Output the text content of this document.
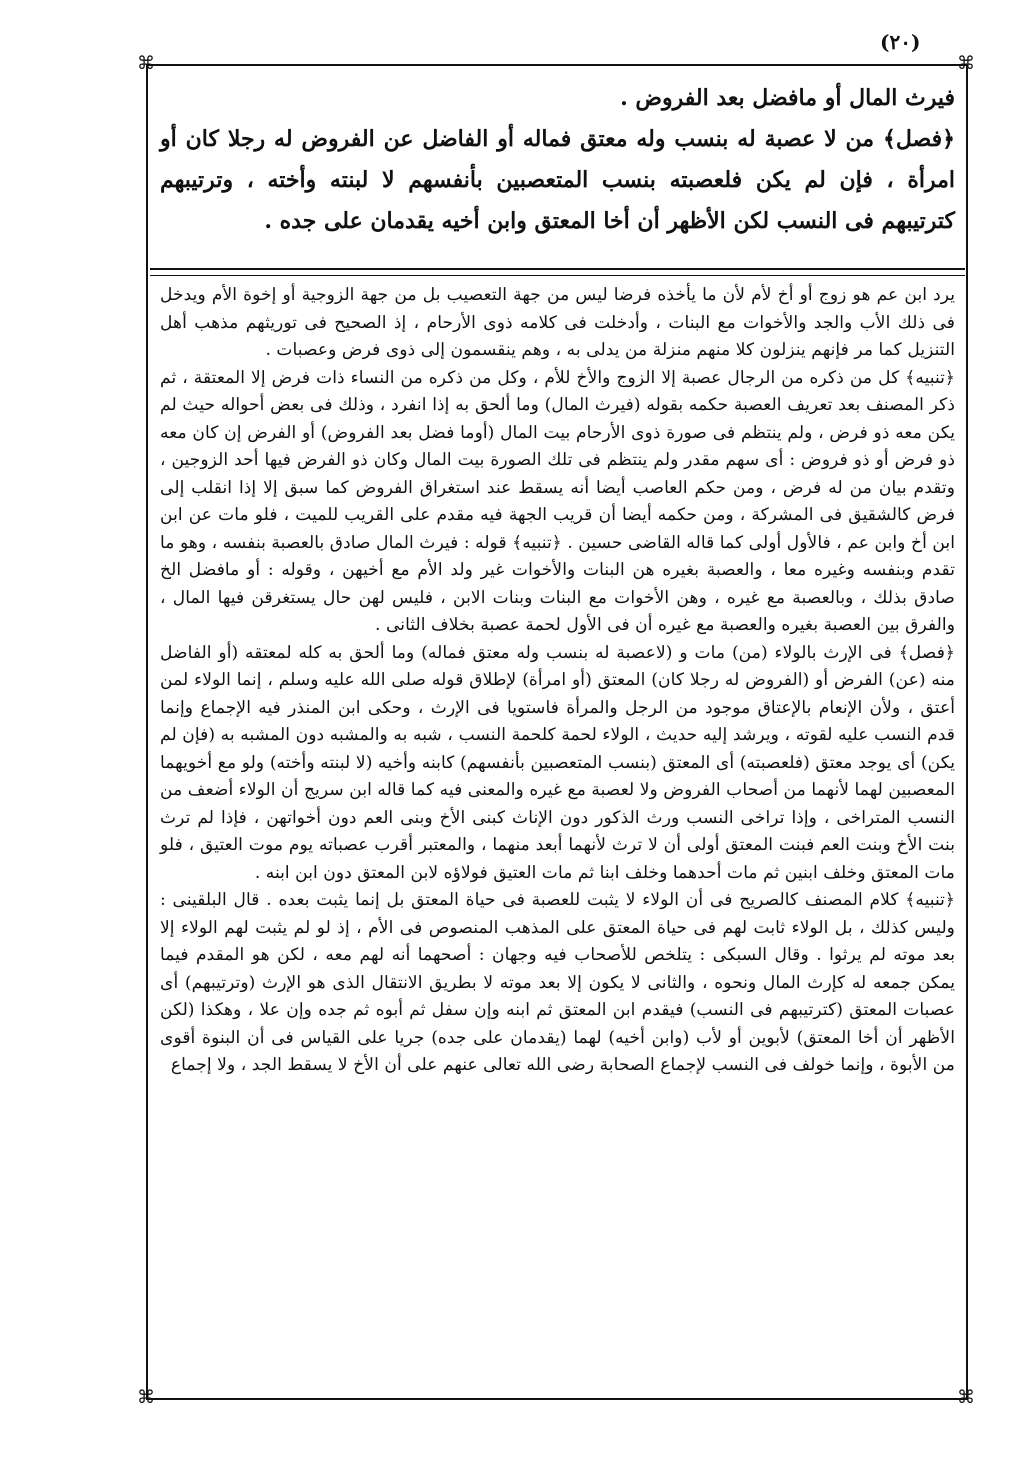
⌘	⌘
⌘	⌘
(٢٠)

فيرث المال أو مافضل بعد الفروض .

﴿فصل﴾ من لا عصبة له بنسب وله معتق فماله أو الفاضل عن الفروض له رجلا كان أو امرأة ، فإن لم يكن فلعصبته بنسب المتعصبين بأنفسهم لا لبنته وأخته ، وترتيبهم كترتيبهم فى النسب لكن الأظهر أن أخا المعتق وابن أخيه يقدمان على جده .

يرد ابن عم هو زوج أو أخ لأم لأن ما يأخذه فرضا ليس من جهة التعصيب بل من جهة الزوجية أو إخوة الأم ويدخل فى ذلك الأب والجد والأخوات مع البنات ، وأدخلت فى كلامه ذوى الأرحام ، إذ الصحيح فى توريثهم مذهب أهل التنزيل كما مر فإنهم ينزلون كلا منهم منزلة من يدلى به ، وهم ينقسمون إلى ذوى فرض وعصبات .

﴿تنبيه﴾ كل من ذكره من الرجال عصبة إلا الزوج والأخ للأم ، وكل من ذكره من النساء ذات فرض إلا المعتقة ، ثم ذكر المصنف بعد تعريف العصبة حكمه بقوله (فيرث المال) وما ألحق به إذا انفرد ، وذلك فى بعض أحواله حيث لم يكن معه ذو فرض ، ولم ينتظم فى صورة ذوى الأرحام بيت المال (أوما فضل بعد الفروض) أو الفرض إن كان معه ذو فرض أو ذو فروض : أى سهم مقدر ولم ينتظم فى تلك الصورة بيت المال وكان ذو الفرض فيها أحد الزوجين ، وتقدم بيان من له فرض ، ومن حكم العاصب أيضا أنه يسقط عند استغراق الفروض كما سبق إلا إذا انقلب إلى فرض كالشقيق فى المشركة ، ومن حكمه أيضا أن قريب الجهة فيه مقدم على القريب للميت ، فلو مات عن ابن ابن أخ وابن عم ، فالأول أولى كما قاله القاضى حسين . ﴿تنبيه﴾ قوله : فيرث المال صادق بالعصبة بنفسه ، وهو ما تقدم وبنفسه وغيره معا ، والعصبة بغيره هن البنات والأخوات غير ولد الأم مع أخيهن ، وقوله : أو مافضل الخ صادق بذلك ، وبالعصبة مع غيره ، وهن الأخوات مع البنات وبنات الابن ، فليس لهن حال يستغرقن فيها المال ، والفرق بين العصبة بغيره والعصبة مع غيره أن فى الأول لحمة عصبة بخلاف الثانى .

﴿فصل﴾ فى الإرث بالولاء (من) مات و (لاعصبة له بنسب وله معتق فماله) وما ألحق به كله لمعتقه (أو الفاضل منه (عن) الفرض أو (الفروض له رجلا كان) المعتق (أو امرأة) لإطلاق قوله صلى الله عليه وسلم ، إنما الولاء لمن أعتق ، ولأن الإنعام بالإعتاق موجود من الرجل والمرأة فاستويا فى الإرث ، وحكى ابن المنذر فيه الإجماع وإنما قدم النسب عليه لقوته ، ويرشد إليه حديث ، الولاء لحمة كلحمة النسب ، شبه به والمشبه دون المشبه به (فإن لم يكن) أى يوجد معتق (فلعصبته) أى المعتق (بنسب المتعصبين بأنفسهم) كابنه وأخيه (لا لبنته وأخته) ولو مع أخويهما المعصبين لهما لأنهما من أصحاب الفروض ولا لعصبة مع غيره والمعنى فيه كما قاله ابن سريج أن الولاء أضعف من النسب المتراخى ، وإذا تراخى النسب ورث الذكور دون الإناث كبنى الأخ وبنى العم دون أخواتهن ، فإذا لم ترث بنت الأخ وبنت العم فبنت المعتق أولى أن لا ترث لأنهما أبعد منهما ، والمعتبر أقرب عصباته يوم موت العتيق ، فلو مات المعتق وخلف ابنين ثم مات أحدهما وخلف ابنا ثم مات العتيق فولاؤه لابن المعتق دون ابن ابنه .

﴿تنبيه﴾ كلام المصنف كالصريح فى أن الولاء لا يثبت للعصبة فى حياة المعتق بل إنما يثبت بعده . قال البلقينى : وليس كذلك ، بل الولاء ثابت لهم فى حياة المعتق على المذهب المنصوص فى الأم ، إذ لو لم يثبت لهم الولاء إلا بعد موته لم يرثوا . وقال السبكى : يتلخص للأصحاب فيه وجهان : أصحهما أنه لهم معه ، لكن هو المقدم فيما يمكن جمعه له كإرث المال ونحوه ، والثانى لا يكون إلا بعد موته لا بطريق الانتقال الذى هو الإرث (وترتيبهم) أى عصبات المعتق (كترتيبهم فى النسب) فيقدم ابن المعتق ثم ابنه وإن سفل ثم أبوه ثم جده وإن علا ، وهكذا (لكن الأظهر أن أخا المعتق) لأبوين أو لأب (وابن أخيه) لهما (يقدمان على جده) جريا على القياس فى أن البنوة أقوى من الأبوة ، وإنما خولف فى النسب لإجماع الصحابة رضى الله تعالى عنهم على أن الأخ لا يسقط الجد ، ولا إجماع
